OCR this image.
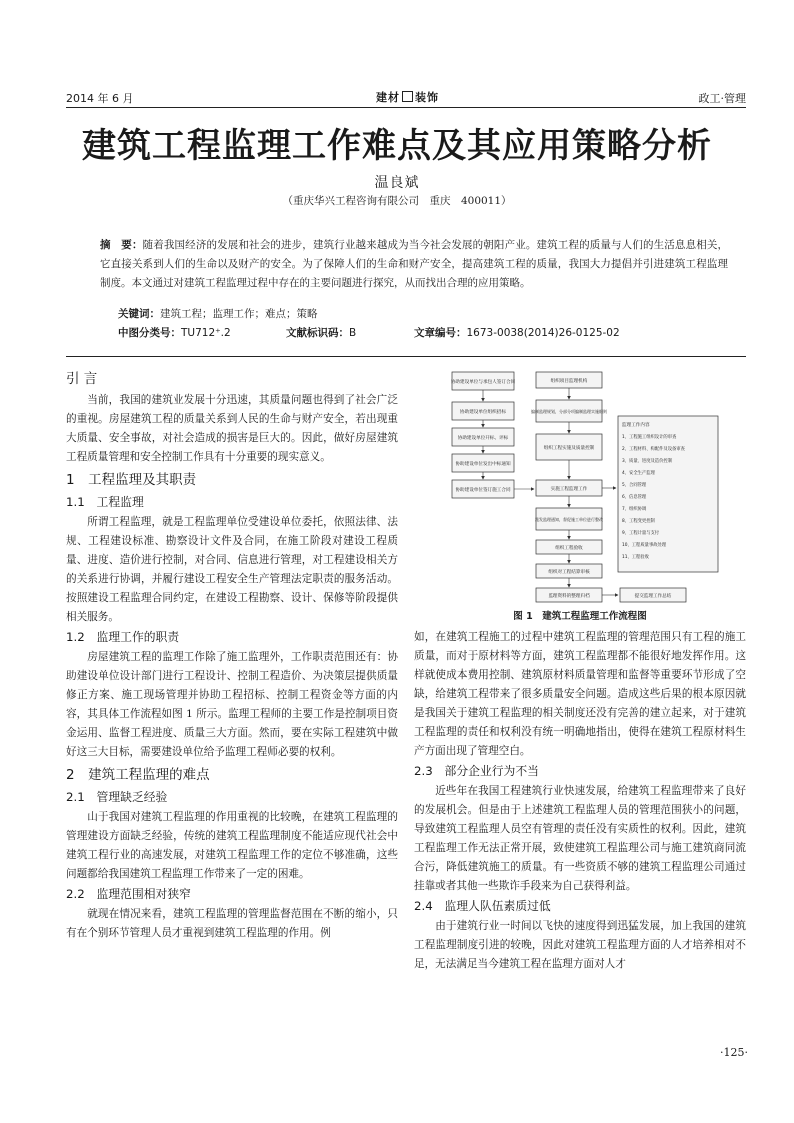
2014 年 6 月	建材 装饰	政工·管理
建筑工程监理工作难点及其应用策略分析
温良斌
（重庆华兴工程咨询有限公司　重庆　400011）
摘　要：随着我国经济的发展和社会的进步，建筑行业越来越成为当今社会发展的朝阳产业。建筑工程的质量与人们的生活息息相关，它直接关系到人们的生命以及财产的安全。为了保障人们的生命和财产安全，提高建筑工程的质量，我国大力提倡并引进建筑工程监理制度。本文通过对建筑工程监理过程中存在的主要问题进行探究，从而找出合理的应用策略。
关键词：建筑工程；监理工作；难点；策略
中图分类号：TU712⁺.2	文献标识码：B	文章编号：1673-0038(2014)26-0125-02
引 言

当前，我国的建筑业发展十分迅速，其质量问题也得到了社会广泛的重视。房屋建筑工程的质量关系到人民的生命与财产安全，若出现重大质量、安全事故，对社会造成的损害是巨大的。因此，做好房屋建筑工程质量管理和安全控制工作具有十分重要的现实意义。

1　工程监理及其职责
1.1　工程监理

所谓工程监理，就是工程监理单位受建设单位委托，依照法律、法规、工程建设标准、勘察设计文件及合同，在施工阶段对建设工程质量、进度、造价进行控制，对合同、信息进行管理，对工程建设相关方的关系进行协调，并履行建设工程安全生产管理法定职责的服务活动。按照建设工程监理合同约定，在建设工程勘察、设计、保修等阶段提供相关服务。

1.2　监理工作的职责

房屋建筑工程的监理工作除了施工监理外，工作职责范围还有：协助建设单位设计部门进行工程设计、控制工程造价、为决策层提供质量修正方案、施工现场管理并协助工程招标、控制工程资金等方面的内容，其具体工作流程如图 1 所示。监理工程师的主要工作是控制项目资金运用、监督工程进度、质量三大方面。然而，要在实际工程建筑中做好这三大目标，需要建设单位给予监理工程师必要的权利。

2　建筑工程监理的难点
2.1　管理缺乏经验

山于我国对建筑工程监理的作用重视的比较晚，在建筑工程监理的管理建设方面缺乏经验，传统的建筑工程监理制度不能适应现代社会中建筑工程行业的高速发展，对建筑工程监理工作的定位不够准确，这些问题都给我国建筑工程监理工作带来了一定的困难。

2.2　监理范围相对狭窄

就现在情况来看，建筑工程监理的管理监督范围在不断的缩小，只有在个别环节管理人员才重视到建筑工程监理的作用。例

协助建设单位与承包人签订合同
协助建设单位组织招标
协助建设单位开标、评标
协助建设单位发出中标通知
协助建设单位签订施工合同
组织项目监理机构
编制监理规划，分部分项编制监理实施细则
组织工程实施及质量控制
实施工程监理工作
派发监理通知，督促施工单位进行整改
组织工程验收
组织对工程结算审核
监理资料的整理归档
监理工作内容
1、工程施工组织设计的审查
2、工程材料、构配件及设备审查
3、质量、进度及造价控制
4、安全生产监理
5、合同管理
6、信息管理
7、组织协调
8、工程变更控制
9、工程计量与支付
10、工程质量事故处理
11、工程验收
提交监理工作总结
图 1　建筑工程监理工作流程图

如，在建筑工程施工的过程中建筑工程监理的管理范围只有工程的施工质量，而对于原材料等方面，建筑工程监理都不能很好地发挥作用。这样就使成本费用控制、建筑原材料质量管理和监督等重要环节形成了空缺，给建筑工程带来了很多质量安全问题。造成这些后果的根本原因就是我国关于建筑工程监理的相关制度还没有完善的建立起来，对于建筑工程监理的责任和权利没有统一明确地指出，使得在建筑工程原材料生产方面出现了管理空白。

2.3　部分企业行为不当

近些年在我国工程建筑行业快速发展，给建筑工程监理带来了良好的发展机会。但是由于上述建筑工程监理人员的管理范围狭小的问题，导致建筑工程监理人员空有管理的责任没有实质性的权利。因此，建筑工程监理工作无法正常开展，致使建筑工程监理公司与施工建筑商同流合污，降低建筑施工的质量。有一些资质不够的建筑工程监理公司通过挂靠或者其他一些欺诈手段来为自己获得利益。

2.4　监理人队伍素质过低

由于建筑行业一时间以飞快的速度得到迅猛发展，加上我国的建筑工程监理制度引进的较晚，因此对建筑工程监理方面的人才培养相对不足，无法满足当今建筑工程在监理方面对人才

·125·
